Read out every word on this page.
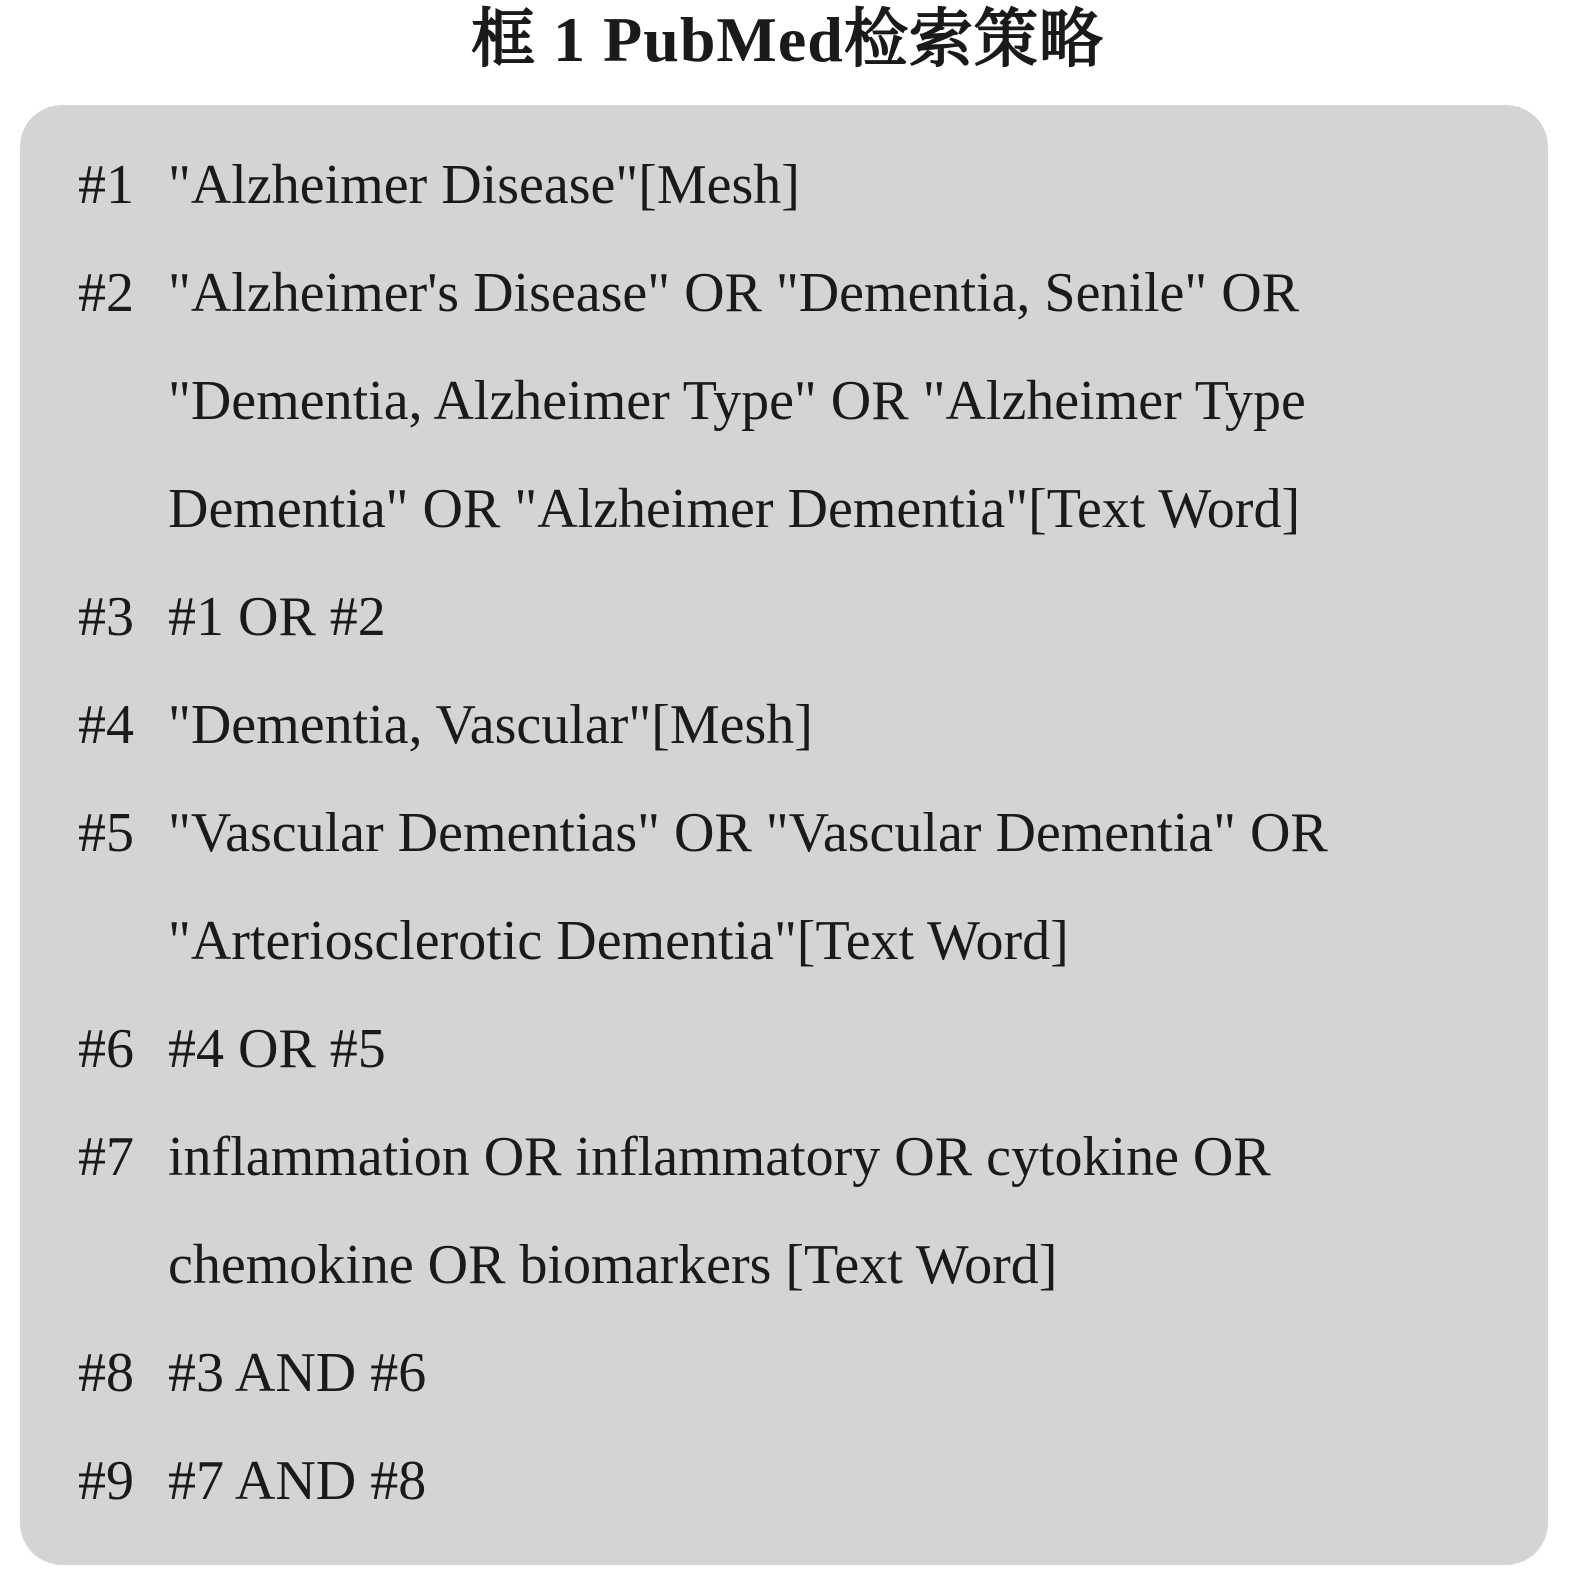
框 1 PubMed检索策略
#1 "Alzheimer Disease"[Mesh]
#2 "Alzheimer's Disease" OR "Dementia, Senile" OR
"Dementia, Alzheimer Type" OR "Alzheimer Type
Dementia" OR "Alzheimer Dementia"[Text Word]
#3 #1 OR #2
#4 "Dementia, Vascular"[Mesh]
#5 "Vascular Dementias" OR "Vascular Dementia" OR
"Arteriosclerotic Dementia"[Text Word]
#6 #4 OR #5
#7 inflammation OR inflammatory OR cytokine OR
chemokine OR biomarkers [Text Word]
#8 #3 AND #6
#9 #7 AND #8
